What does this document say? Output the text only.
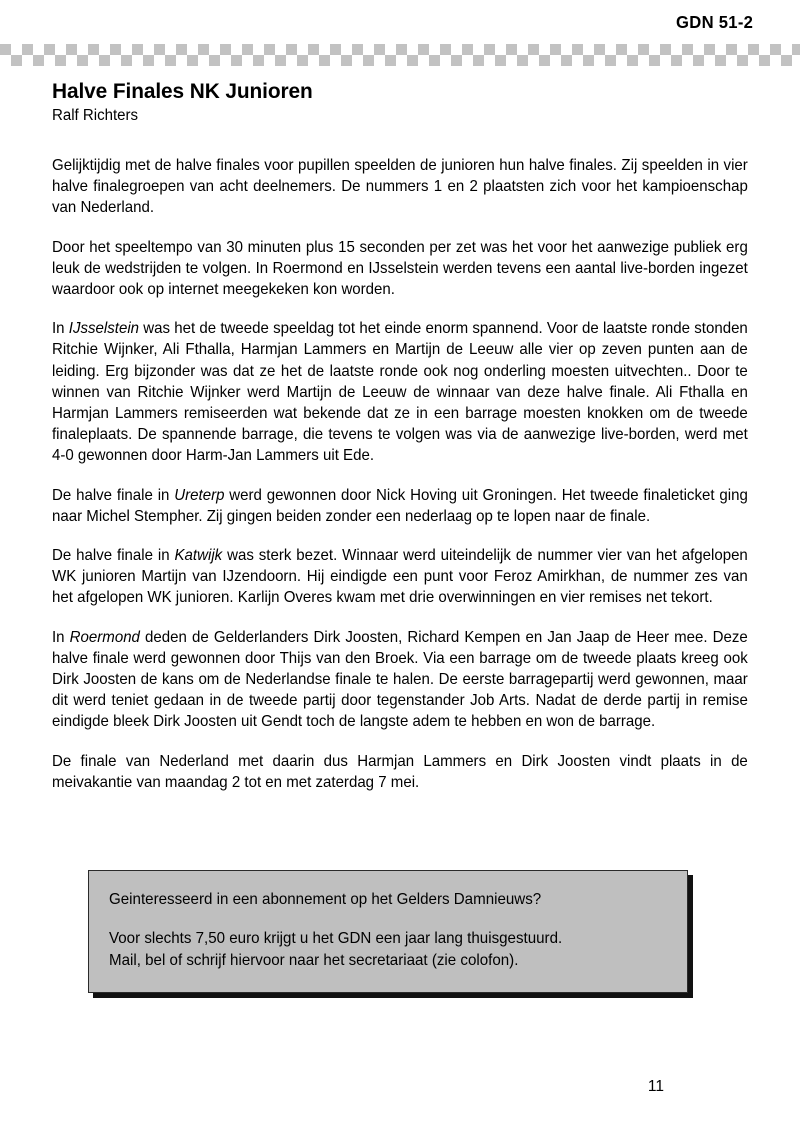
GDN 51-2
Halve Finales NK Junioren
Ralf Richters

Gelijktijdig met de halve finales voor pupillen speelden de junioren hun halve finales. Zij speelden in vier halve finalegroepen van acht deelnemers. De nummers 1 en 2 plaatsten zich voor het kampioenschap van Nederland.

Door het speeltempo van 30 minuten plus 15 seconden per zet was het voor het aanwezige publiek erg leuk de wedstrijden te volgen. In Roermond en IJsselstein werden tevens een aantal live-borden ingezet waardoor ook op internet meegekeken kon worden.

In IJsselstein was het de tweede speeldag tot het einde enorm spannend. Voor de laatste ronde stonden Ritchie Wijnker, Ali Fthalla, Harmjan Lammers en Martijn de Leeuw alle vier op zeven punten aan de leiding. Erg bijzonder was dat ze het de laatste ronde ook nog onderling moesten uitvechten.. Door te winnen van Ritchie Wijnker werd Martijn de Leeuw de winnaar van deze halve finale. Ali Fthalla en Harmjan Lammers remiseerden wat bekende dat ze in een barrage moesten knokken om de tweede finaleplaats. De spannende barrage, die tevens te volgen was via de aanwezige live-borden, werd met 4-0 gewonnen door Harm-Jan Lammers uit Ede.

De halve finale in Ureterp werd gewonnen door Nick Hoving uit Groningen. Het tweede finaleticket ging naar Michel Stempher. Zij gingen beiden zonder een nederlaag op te lopen naar de finale.

De halve finale in Katwijk was sterk bezet. Winnaar werd uiteindelijk de nummer vier van het afgelopen WK junioren Martijn van IJzendoorn. Hij eindigde een punt voor Feroz Amirkhan, de nummer zes van het afgelopen WK junioren. Karlijn Overes kwam met drie overwinningen en vier remises net tekort.

In Roermond deden de Gelderlanders Dirk Joosten, Richard Kempen en Jan Jaap de Heer mee. Deze halve finale werd gewonnen door Thijs van den Broek. Via een barrage om de tweede plaats kreeg ook Dirk Joosten de kans om de Nederlandse finale te halen. De eerste barragepartij werd gewonnen, maar dit werd teniet gedaan in de tweede partij door tegenstander Job Arts. Nadat de derde partij in remise eindigde bleek Dirk Joosten uit Gendt toch de langste adem te hebben en won de barrage.

De finale van Nederland met daarin dus Harmjan Lammers en Dirk Joosten vindt plaats in de meivakantie van maandag 2 tot en met zaterdag 7 mei.

Geinteresseerd in een abonnement op het Gelders Damnieuws?
Voor slechts 7,50 euro krijgt u het GDN een jaar lang thuisgestuurd.
Mail, bel of schrijf hiervoor naar het secretariaat (zie colofon).
11
